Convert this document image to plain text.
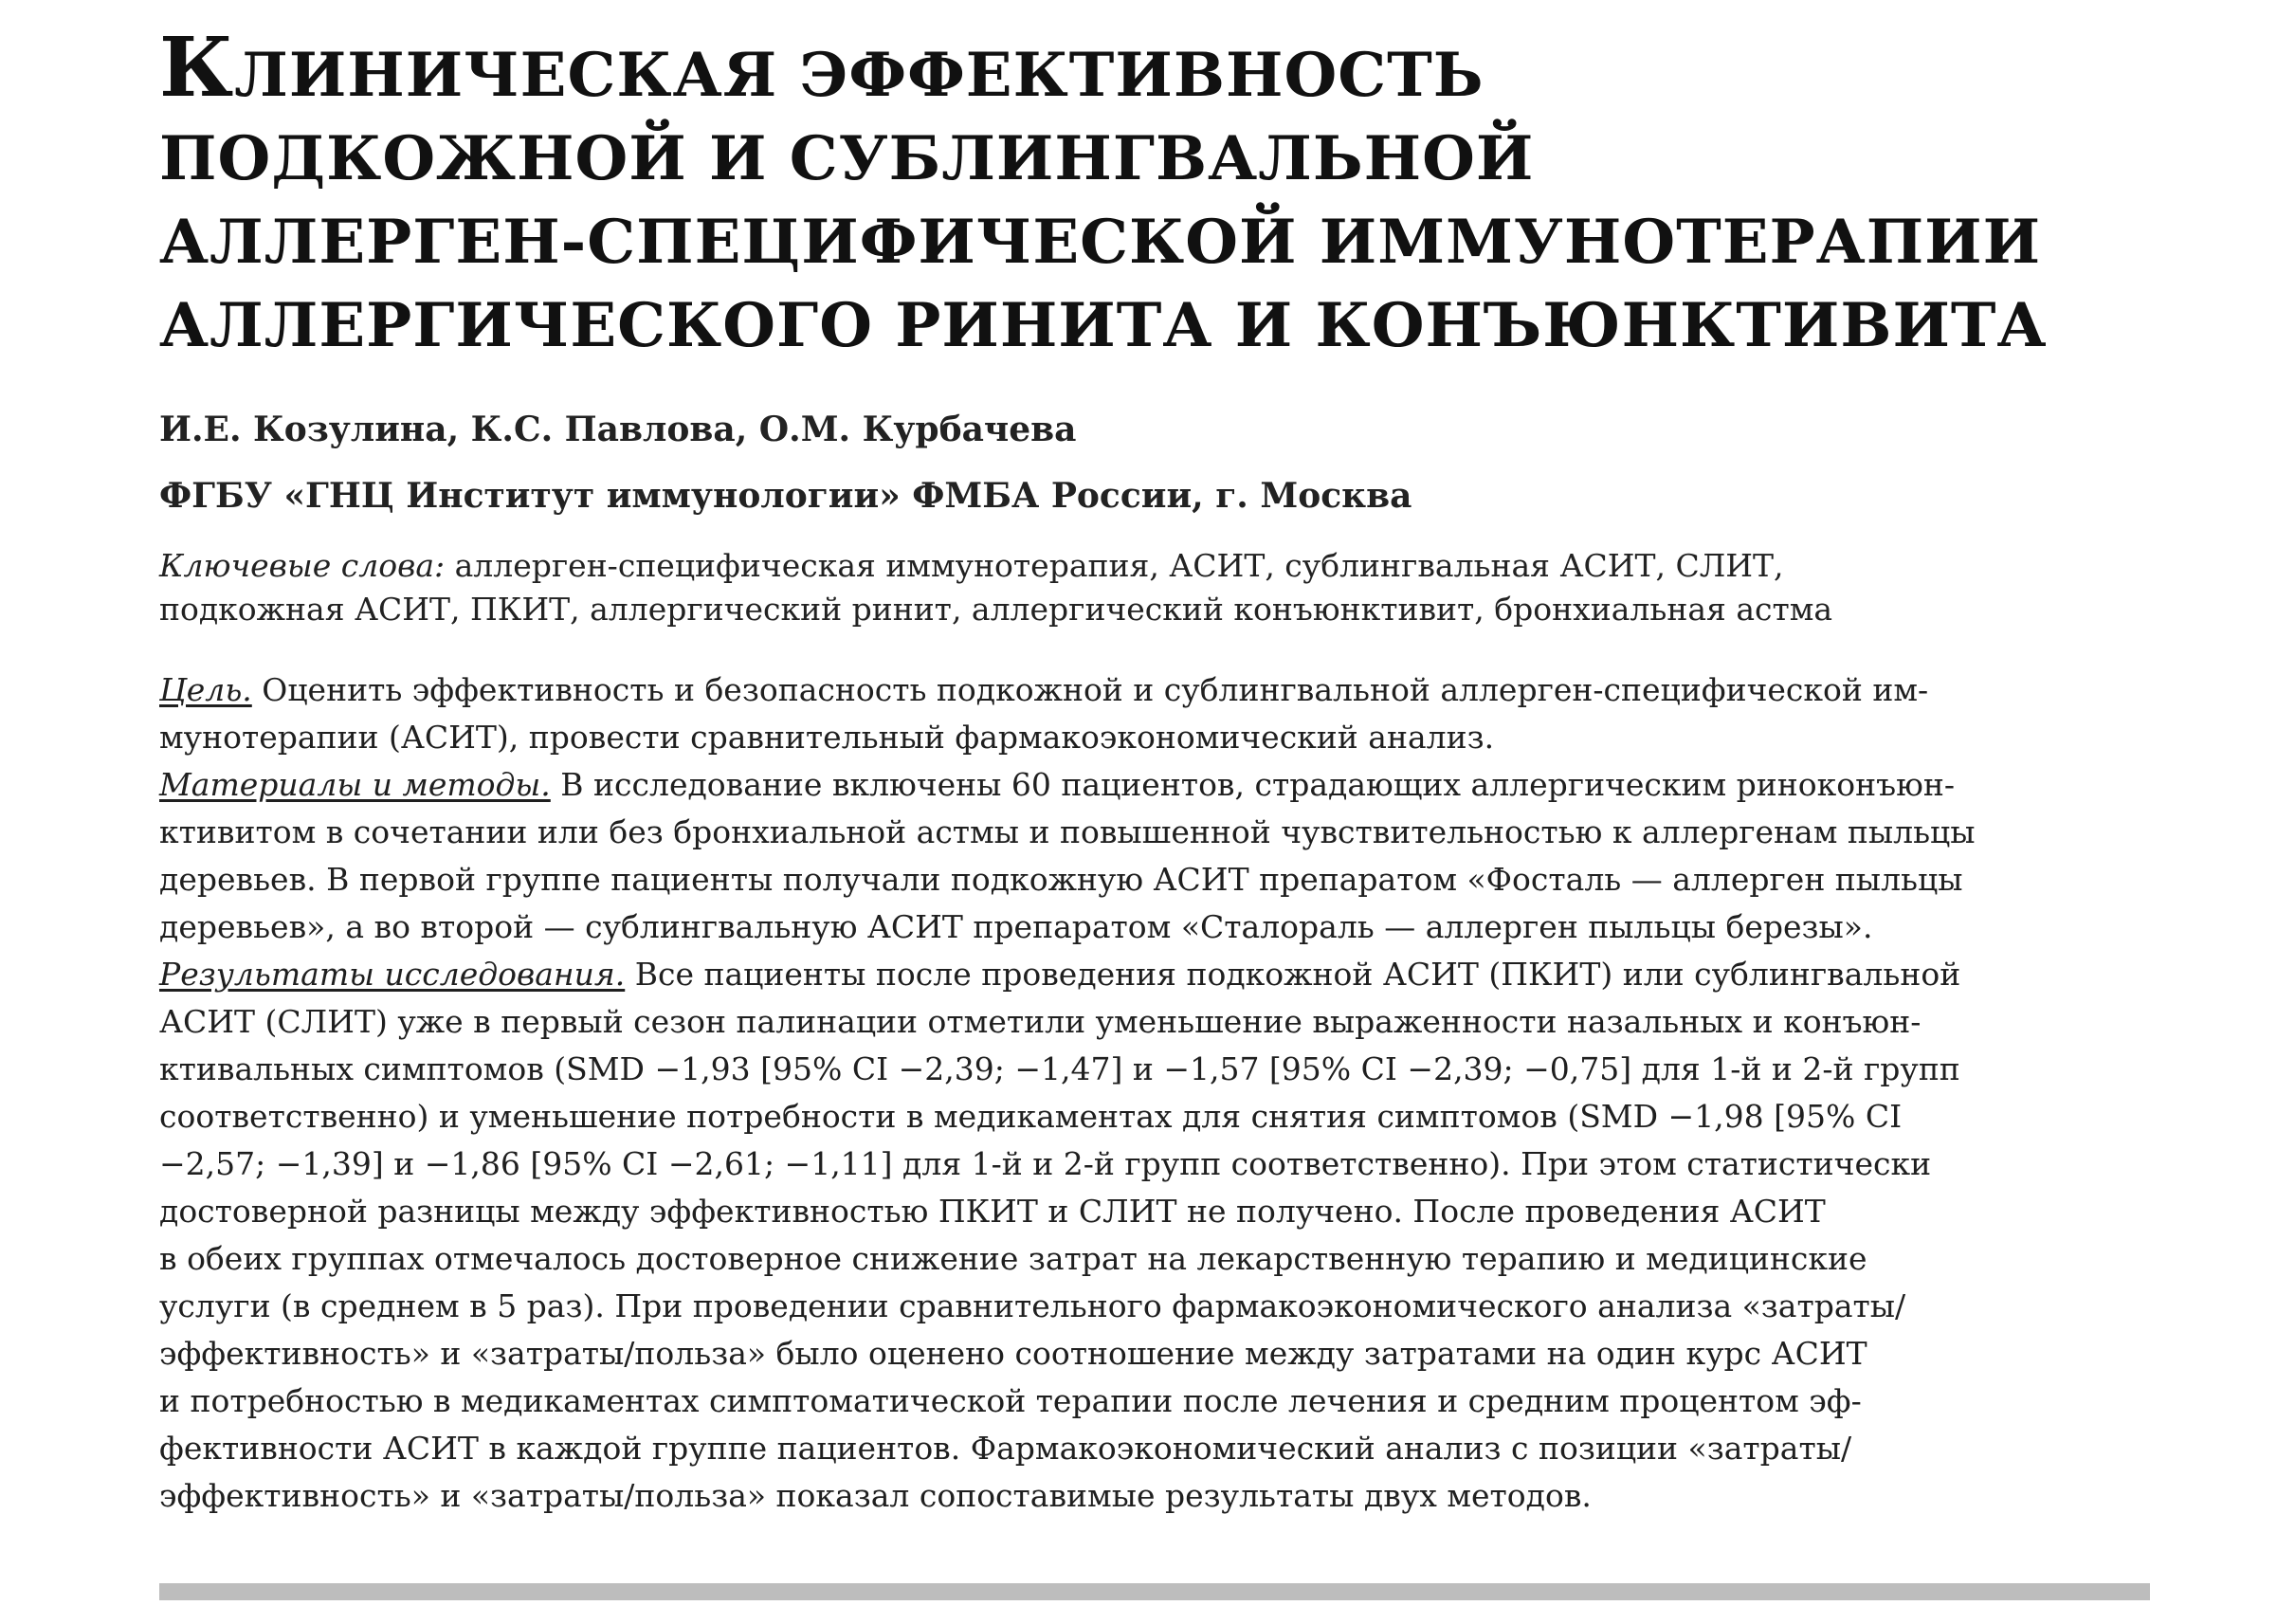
КЛИНИЧЕСКАЯ ЭФФЕКТИВНОСТЬ
ПОДКОЖНОЙ И СУБЛИНГВАЛЬНОЙ
АЛЛЕРГЕН-СПЕЦИФИЧЕСКОЙ ИММУНОТЕРАПИИ
АЛЛЕРГИЧЕСКОГО РИНИТА И КОНЪЮНКТИВИТА
И.Е. Козулина, К.С. Павлова, О.М. Курбачева
ФГБУ «ГНЦ Институт иммунологии» ФМБА России, г. Москва
Ключевые слова: аллерген-специфическая иммунотерапия, АСИТ, сублингвальная АСИТ, СЛИТ,
подкожная АСИТ, ПКИТ, аллергический ринит, аллергический конъюнктивит, бронхиальная астма
Цель. Оценить эффективность и безопасность подкожной и сублингвальной аллерген-специфической им-
мунотерапии (АСИТ), провести сравнительный фармакоэкономический анализ.
Материалы и методы. В исследование включены 60 пациентов, страдающих аллергическим риноконъюн-
ктивитом в сочетании или без бронхиальной астмы и повышенной чувствительностью к аллергенам пыльцы
деревьев. В первой группе пациенты получали подкожную АСИТ препаратом «Фосталь — аллерген пыльцы
деревьев», а во второй — сублингвальную АСИТ препаратом «Сталораль — аллерген пыльцы березы».
Результаты исследования. Все пациенты после проведения подкожной АСИТ (ПКИТ) или сублингвальной
АСИТ (СЛИТ) уже в первый сезон палинации отметили уменьшение выраженности назальных и конъюн-
ктивальных симптомов (SMD −1,93 [95% CI −2,39; −1,47] и −1,57 [95% CI −2,39; −0,75] для 1-й и 2-й групп
соответственно) и уменьшение потребности в медикаментах для снятия симптомов (SMD −1,98 [95% CI
−2,57; −1,39] и −1,86 [95% CI −2,61; −1,11] для 1-й и 2-й групп соответственно). При этом статистически
достоверной разницы между эффективностью ПКИТ и СЛИТ не получено. После проведения АСИТ
в обеих группах отмечалось достоверное снижение затрат на лекарственную терапию и медицинские
услуги (в среднем в 5 раз). При проведении сравнительного фармакоэкономического анализа «затраты/
эффективность» и «затраты/польза» было оценено соотношение между затратами на один курс АСИТ
и потребностью в медикаментах симптоматической терапии после лечения и средним процентом эф-
фективности АСИТ в каждой группе пациентов. Фармакоэкономический анализ с позиции «затраты/
эффективность» и «затраты/польза» показал сопоставимые результаты двух методов.
